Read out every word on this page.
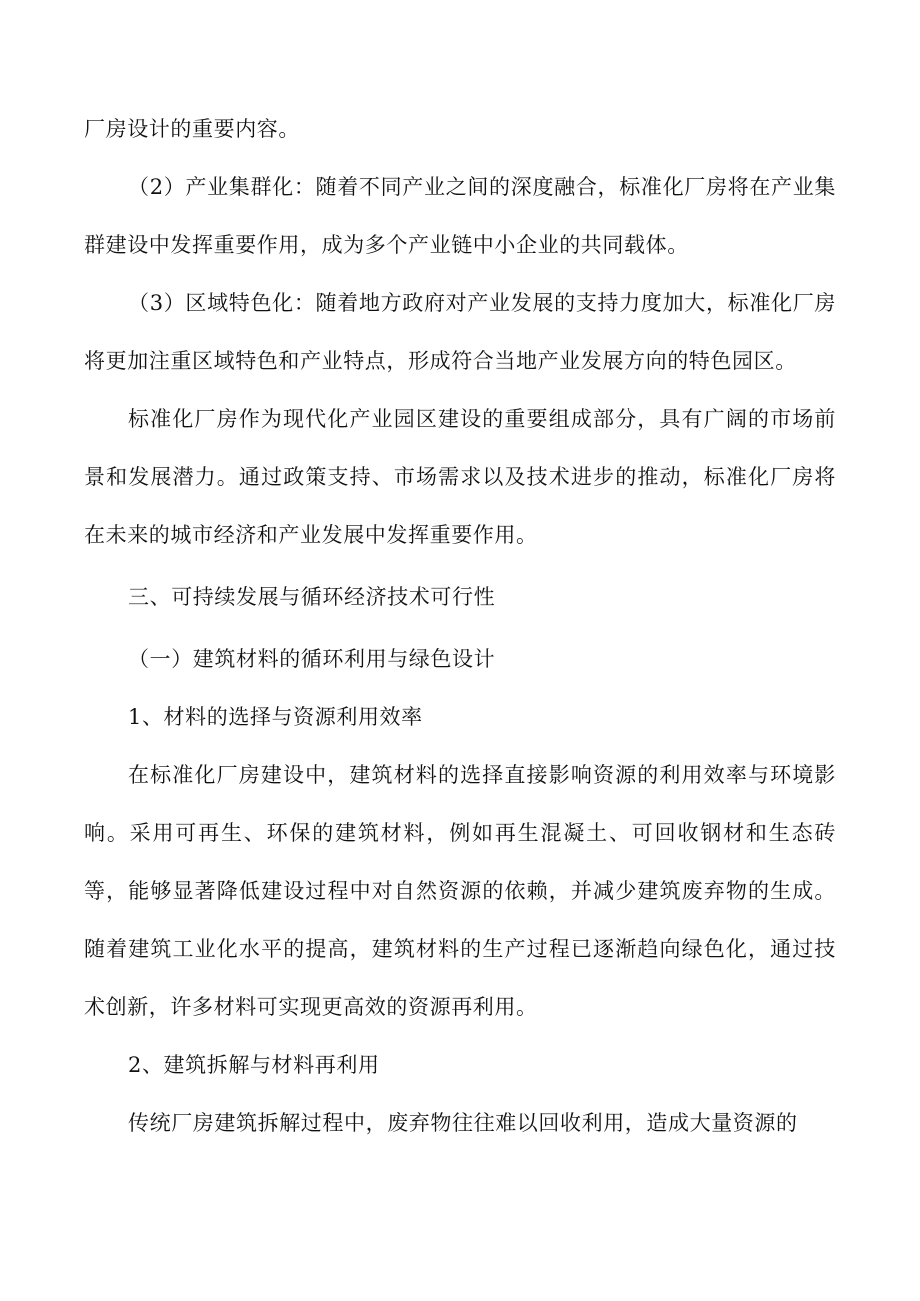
厂房设计的重要内容。

（2）产业集群化：随着不同产业之间的深度融合，标准化厂房将在产业集群建设中发挥重要作用，成为多个产业链中小企业的共同载体。

（3）区域特色化：随着地方政府对产业发展的支持力度加大，标准化厂房将更加注重区域特色和产业特点，形成符合当地产业发展方向的特色园区。

标准化厂房作为现代化产业园区建设的重要组成部分，具有广阔的市场前景和发展潜力。通过政策支持、市场需求以及技术进步的推动，标准化厂房将在未来的城市经济和产业发展中发挥重要作用。

三、可持续发展与循环经济技术可行性

（一）建筑材料的循环利用与绿色设计

1、材料的选择与资源利用效率

在标准化厂房建设中，建筑材料的选择直接影响资源的利用效率与环境影响。采用可再生、环保的建筑材料，例如再生混凝土、可回收钢材和生态砖等，能够显著降低建设过程中对自然资源的依赖，并减少建筑废弃物的生成。随着建筑工业化水平的提高，建筑材料的生产过程已逐渐趋向绿色化，通过技术创新，许多材料可实现更高效的资源再利用。

2、建筑拆解与材料再利用

传统厂房建筑拆解过程中，废弃物往往难以回收利用，造成大量资源的
